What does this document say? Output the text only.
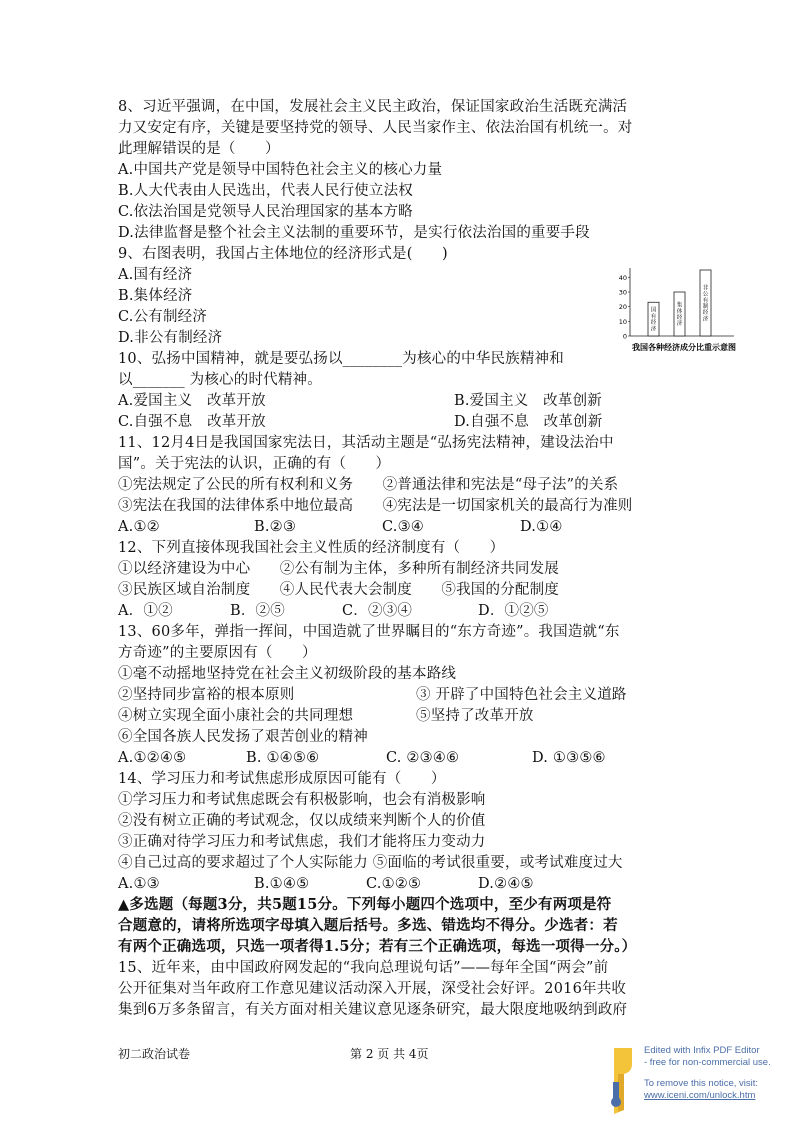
8、习近平强调，在中国，发展社会主义民主政治，保证国家政治生活既充满活
力又安定有序，关键是要坚持党的领导、人民当家作主、依法治国有机统一。对
此理解错误的是（　　）
A.中国共产党是领导中国特色社会主义的核心力量
B.人大代表由人民选出，代表人民行使立法权
C.依法治国是党领导人民治理国家的基本方略
D.法律监督是整个社会主义法制的重要环节，是实行依法治国的重要手段
9、右图表明，我国占主体地位的经济形式是(　　)
A.国有经济
B.集体经济
C.公有制经济
D.非公有制经济
10、弘扬中国精神，就是要弘扬以________为核心的中华民族精神和
以_______ 为核心的时代精神。
0
10
20
30
40
国
有
经
济
集
体
经
济
非
公
有
制
经
济
我国各种经济成分比重示意图
A.爱国主义　改革开放	B.爱国主义　改革创新
C.自强不息　改革开放	D.自强不息　改革创新
11、12月4日是我国国家宪法日，其活动主题是“弘扬宪法精神，建设法治中
国”。关于宪法的认识，正确的有（　　）
①宪法规定了公民的所有权利和义务　　②普通法律和宪法是“母子法”的关系
③宪法在我国的法律体系中地位最高　　④宪法是一切国家机关的最高行为准则
A.①②	B.②③	C.③④	D.①④
12、下列直接体现我国社会主义性质的经济制度有（　　）
①以经济建设为中心　　②公有制为主体，多种所有制经济共同发展
③民族区域自治制度　　④人民代表大会制度　　⑤我国的分配制度
A．①②	B．②⑤	C．②③④	D．①②⑤
13、60多年，弹指一挥间，中国造就了世界瞩目的“东方奇迹”。我国造就“东
方奇迹”的主要原因有（　　）
①毫不动摇地坚持党在社会主义初级阶段的基本路线
②坚持同步富裕的根本原则	③ 开辟了中国特色社会主义道路
④树立实现全面小康社会的共同理想	⑤坚持了改革开放
⑥全国各族人民发扬了艰苦创业的精神
A.①②④⑤	B. ①④⑤⑥	C. ②③④⑥	D. ①③⑤⑥
14、学习压力和考试焦虑形成原因可能有（　　）
①学习压力和考试焦虑既会有积极影响，也会有消极影响
②没有树立正确的考试观念，仅以成绩来判断个人的价值
③正确对待学习压力和考试焦虑，我们才能将压力变动力
④自己过高的要求超过了个人实际能力 ⑤面临的考试很重要，或考试难度过大
A.①③	B.①④⑤	C.①②⑤	D.②④⑤
▲多选题（每题3分，共5题15分。下列每小题四个选项中，至少有两项是符
合题意的，请将所选项字母填入题后括号。多选、错选均不得分。少选者：若
有两个正确选项，只选一项者得1.5分；若有三个正确选项，每选一项得一分。）
15、近年来，由中国政府网发起的“我向总理说句话”——每年全国“两会”前
公开征集对当年政府工作意见建议活动深入开展，深受社会好评。2016年共收
集到6万多条留言，有关方面对相关建议意见逐条研究，最大限度地吸纳到政府
初二政治试卷	第 2 页 共 4页	Edited with Infix PDF Editor
- free for non-commercial use.
To remove this notice, visit:
www.iceni.com/unlock.htm
